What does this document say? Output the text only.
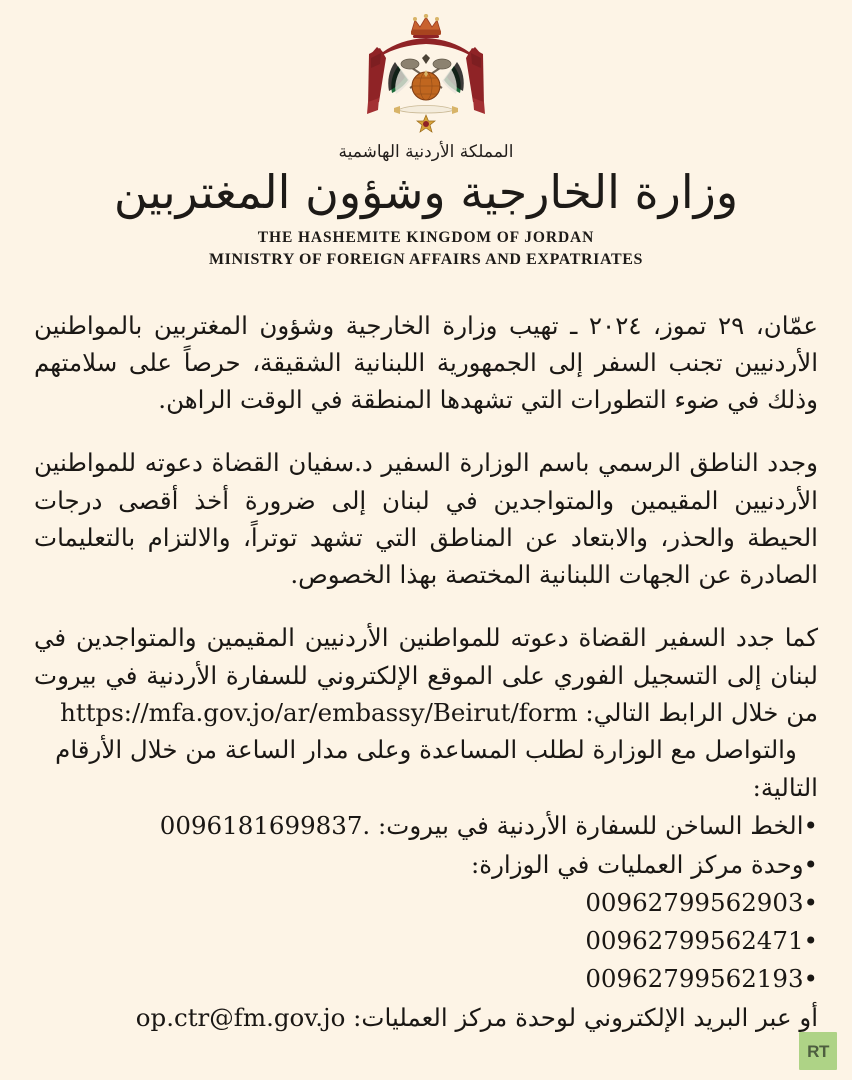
المملكة الأردنية الهاشمية
وزارة الخارجية وشؤون المغتربين
THE HASHEMITE KINGDOM OF JORDAN
MINISTRY OF FOREIGN AFFAIRS AND EXPATRIATES

عمّان، ٢٩ تموز، ٢٠٢٤ ـ تهيب وزارة الخارجية وشؤون المغتربين بالمواطنين الأردنيين تجنب السفر إلى الجمهورية اللبنانية الشقيقة، حرصاً على سلامتهم وذلك في ضوء التطورات التي تشهدها المنطقة في الوقت الراهن.

وجدد الناطق الرسمي باسم الوزارة السفير د.سفيان القضاة دعوته للمواطنين الأردنيين المقيمين والمتواجدين في لبنان إلى ضرورة أخذ أقصى درجات الحيطة والحذر، والابتعاد عن المناطق التي تشهد توتراً، والالتزام بالتعليمات الصادرة عن الجهات اللبنانية المختصة بهذا الخصوص.

كما جدد السفير القضاة دعوته للمواطنين الأردنيين المقيمين والمتواجدين في لبنان إلى التسجيل الفوري على الموقع الإلكتروني للسفارة الأردنية في بيروت من خلال الرابط التالي: https://mfa.gov.jo/ar/embassy/Beirut/form

والتواصل مع الوزارة لطلب المساعدة وعلى مدار الساعة من خلال الأرقام التالية:

•الخط الساخن للسفارة الأردنية في بيروت: 0096181699837.

•وحدة مركز العمليات في الوزارة:

00962799562903•

00962799562471•

00962799562193•

أو عبر البريد الإلكتروني لوحدة مركز العمليات: op.ctr@fm.gov.jo

RT
